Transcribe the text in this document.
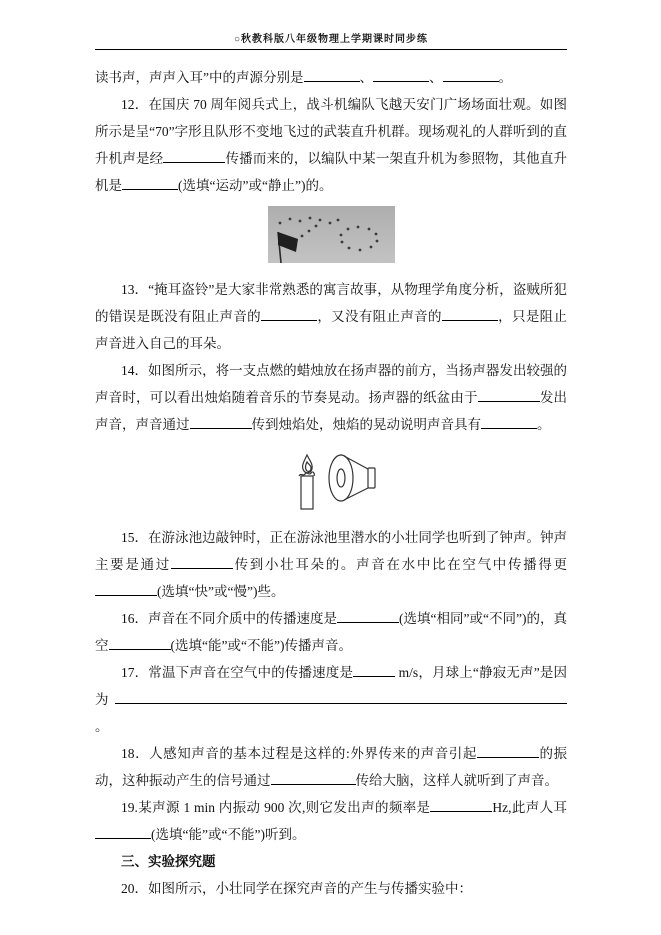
○秋教科版八年级物理上学期课时同步练

读书声，声声入耳”中的声源分别是	、	、	。

12．在国庆 70 周年阅兵式上，战斗机编队飞越天安门广场场面壮观。如图所示是呈“70”字形且队形不变地飞过的武装直升机群。现场观礼的人群听到的直升机声是经	传播而来的，以编队中某一架直升机为参照物，其他直升机是	(选填“运动”或“静止”)的。

13．“掩耳盗铃”是大家非常熟悉的寓言故事，从物理学角度分析，盗贼所犯的错误是既没有阻止声音的	，又没有阻止声音的	，只是阻止声音进入自己的耳朵。

14．如图所示，将一支点燃的蜡烛放在扬声器的前方，当扬声器发出较强的声音时，可以看出烛焰随着音乐的节奏晃动。扬声器的纸盆由于	发出声音，声音通过	传到烛焰处，烛焰的晃动说明声音具有	。

15．在游泳池边敲钟时，正在游泳池里潜水的小壮同学也听到了钟声。钟声主要是通过	传到小壮耳朵的。声音在水中比在空气中传播得更(选填“快”或“慢”)些。

16．声音在不同介质中的传播速度是	(选填“相同”或“不同”)的，真空	(选填“能”或“不能”)传播声音。

17．常温下声音在空气中的传播速度是	m/s，月球上“静寂无声”是因为。

18．人感知声音的基本过程是这样的:外界传来的声音引起	的振动，这种振动产生的信号通过	传给大脑，这样人就听到了声音。

19.某声源 1 min 内振动 900 次,则它发出声的频率是	Hz,此声人耳(选填“能”或“不能”)听到。

三、实验探究题

20．如图所示，小壮同学在探究声音的产生与传播实验中：
